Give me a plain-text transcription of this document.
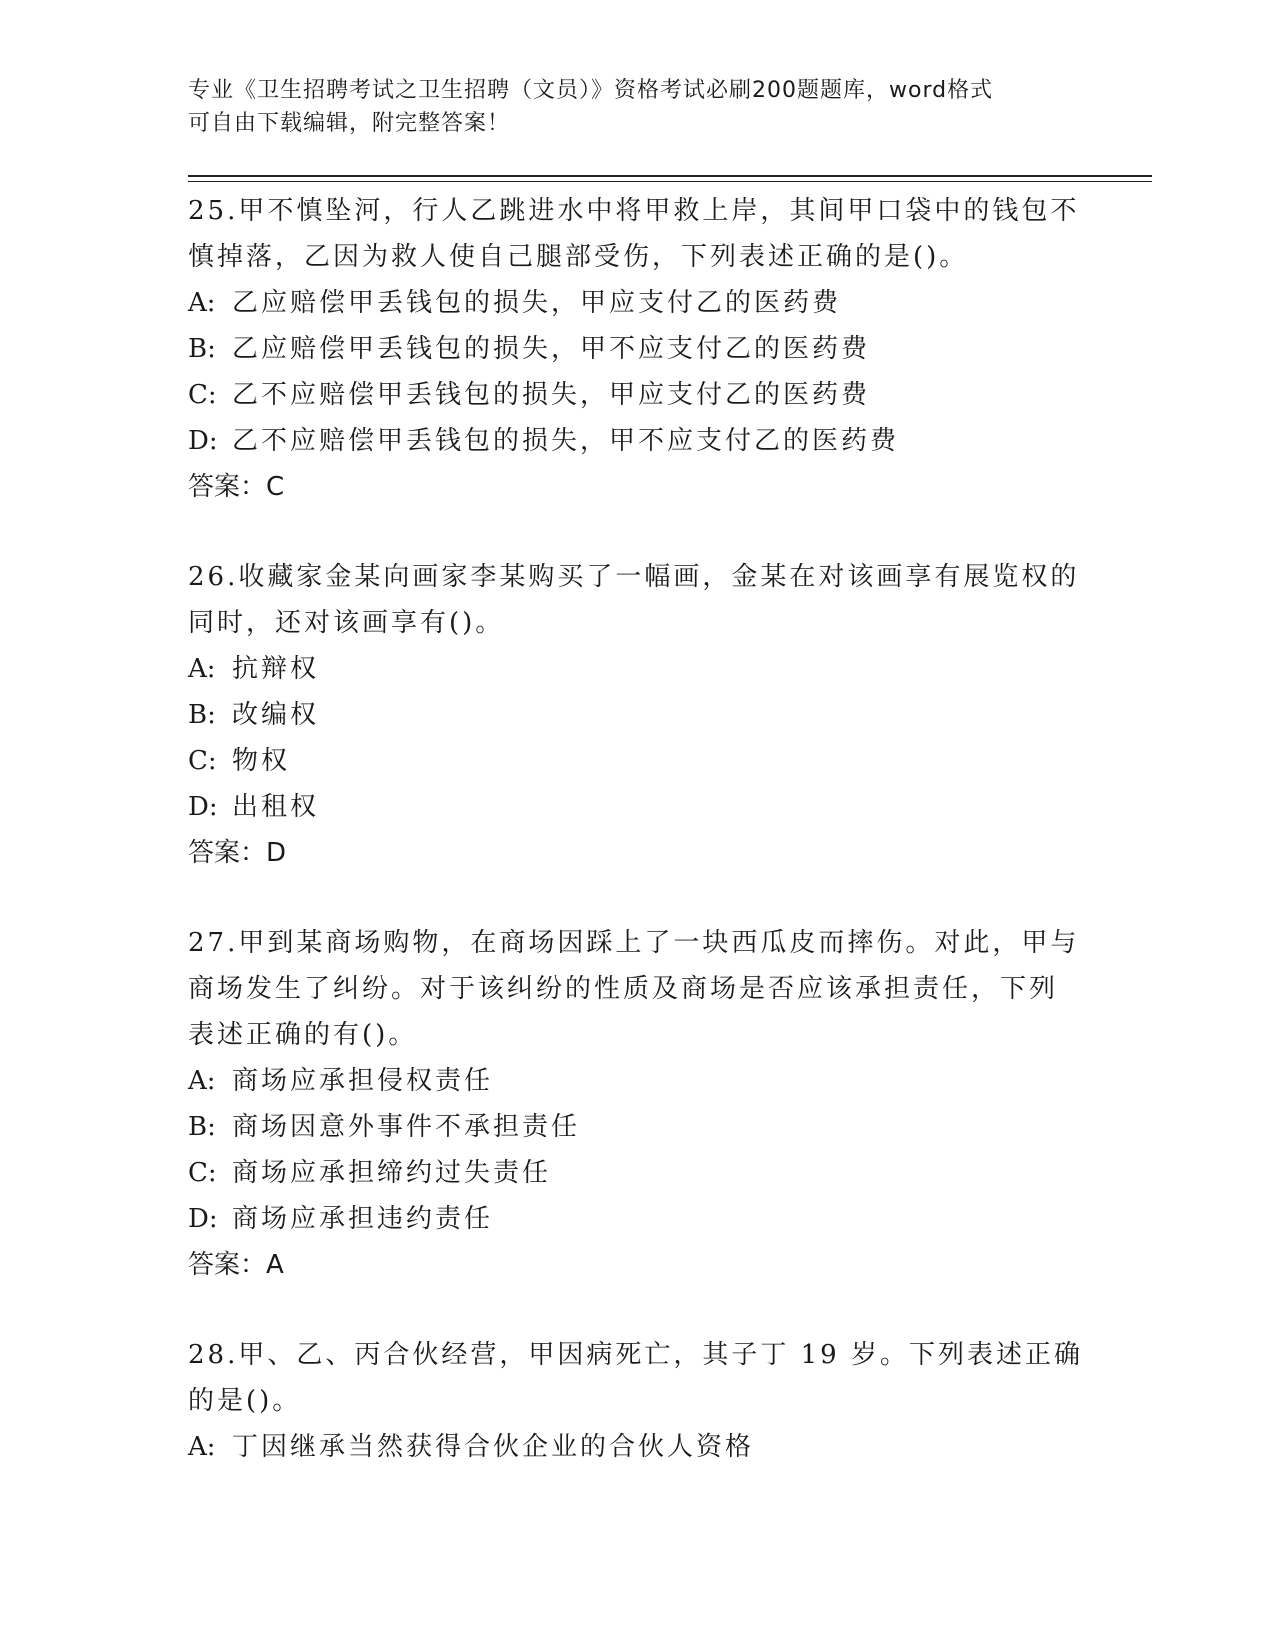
专业《卫生招聘考试之卫生招聘（文员）》资格考试必刷200题题库，word格式
可自由下载编辑，附完整答案！

25.甲不慎坠河，行人乙跳进水中将甲救上岸，其间甲口袋中的钱包不

慎掉落，乙因为救人使自己腿部受伤，下列表述正确的是()。

A: 乙应赔偿甲丢钱包的损失，甲应支付乙的医药费

B: 乙应赔偿甲丢钱包的损失，甲不应支付乙的医药费

C: 乙不应赔偿甲丢钱包的损失，甲应支付乙的医药费

D: 乙不应赔偿甲丢钱包的损失，甲不应支付乙的医药费

答案：C

26.收藏家金某向画家李某购买了一幅画，金某在对该画享有展览权的

同时，还对该画享有()。

A: 抗辩权

B: 改编权

C: 物权

D: 出租权

答案：D

27.甲到某商场购物，在商场因踩上了一块西瓜皮而摔伤。对此，甲与

商场发生了纠纷。对于该纠纷的性质及商场是否应该承担责任，下列

表述正确的有()。

A: 商场应承担侵权责任

B: 商场因意外事件不承担责任

C: 商场应承担缔约过失责任

D: 商场应承担违约责任

答案：A

28.甲、乙、丙合伙经营，甲因病死亡，其子丁 19 岁。下列表述正确

的是()。

A: 丁因继承当然获得合伙企业的合伙人资格
